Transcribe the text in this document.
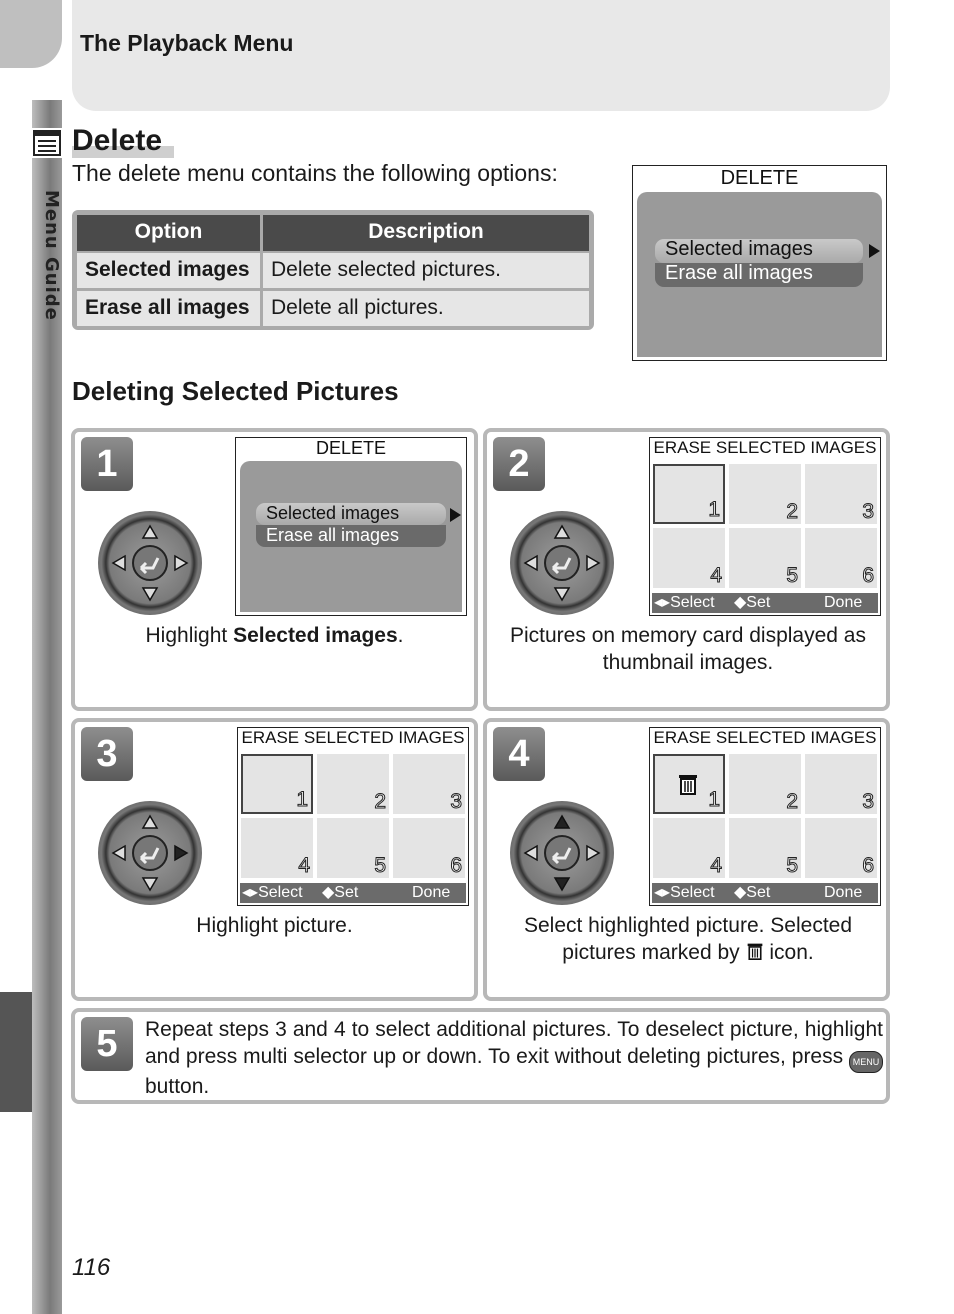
Menu Guide
The Playback Menu
Delete
The delete menu contains the following options:
Option	Description
Selected images	Delete selected pictures.
Erase all images	Delete all pictures.
DELETE
Selected images
Erase all images
Deleting Selected Pictures
1	DELETE
Selected images
Erase all images
Highlight Selected images.
2	ERASE SELECTED IMAGES
1	2	3
4	5	6
◂▸Select ◆Set	Done
Pictures on memory card displayed as thumbnail images.
3	ERASE SELECTED IMAGES
1	2	3
4	5	6
◂▸Select ◆Set	Done
Highlight picture.
4	ERASE SELECTED IMAGES
1	2	3
4	5	6
◂▸Select ◆Set	Done
Select highlighted picture. Selected pictures marked by  icon.
5	Repeat steps 3 and 4 to select additional pictures. To deselect picture, highlight and press multi selector up or down. To exit without deleting pictures, press MENU button.
116
